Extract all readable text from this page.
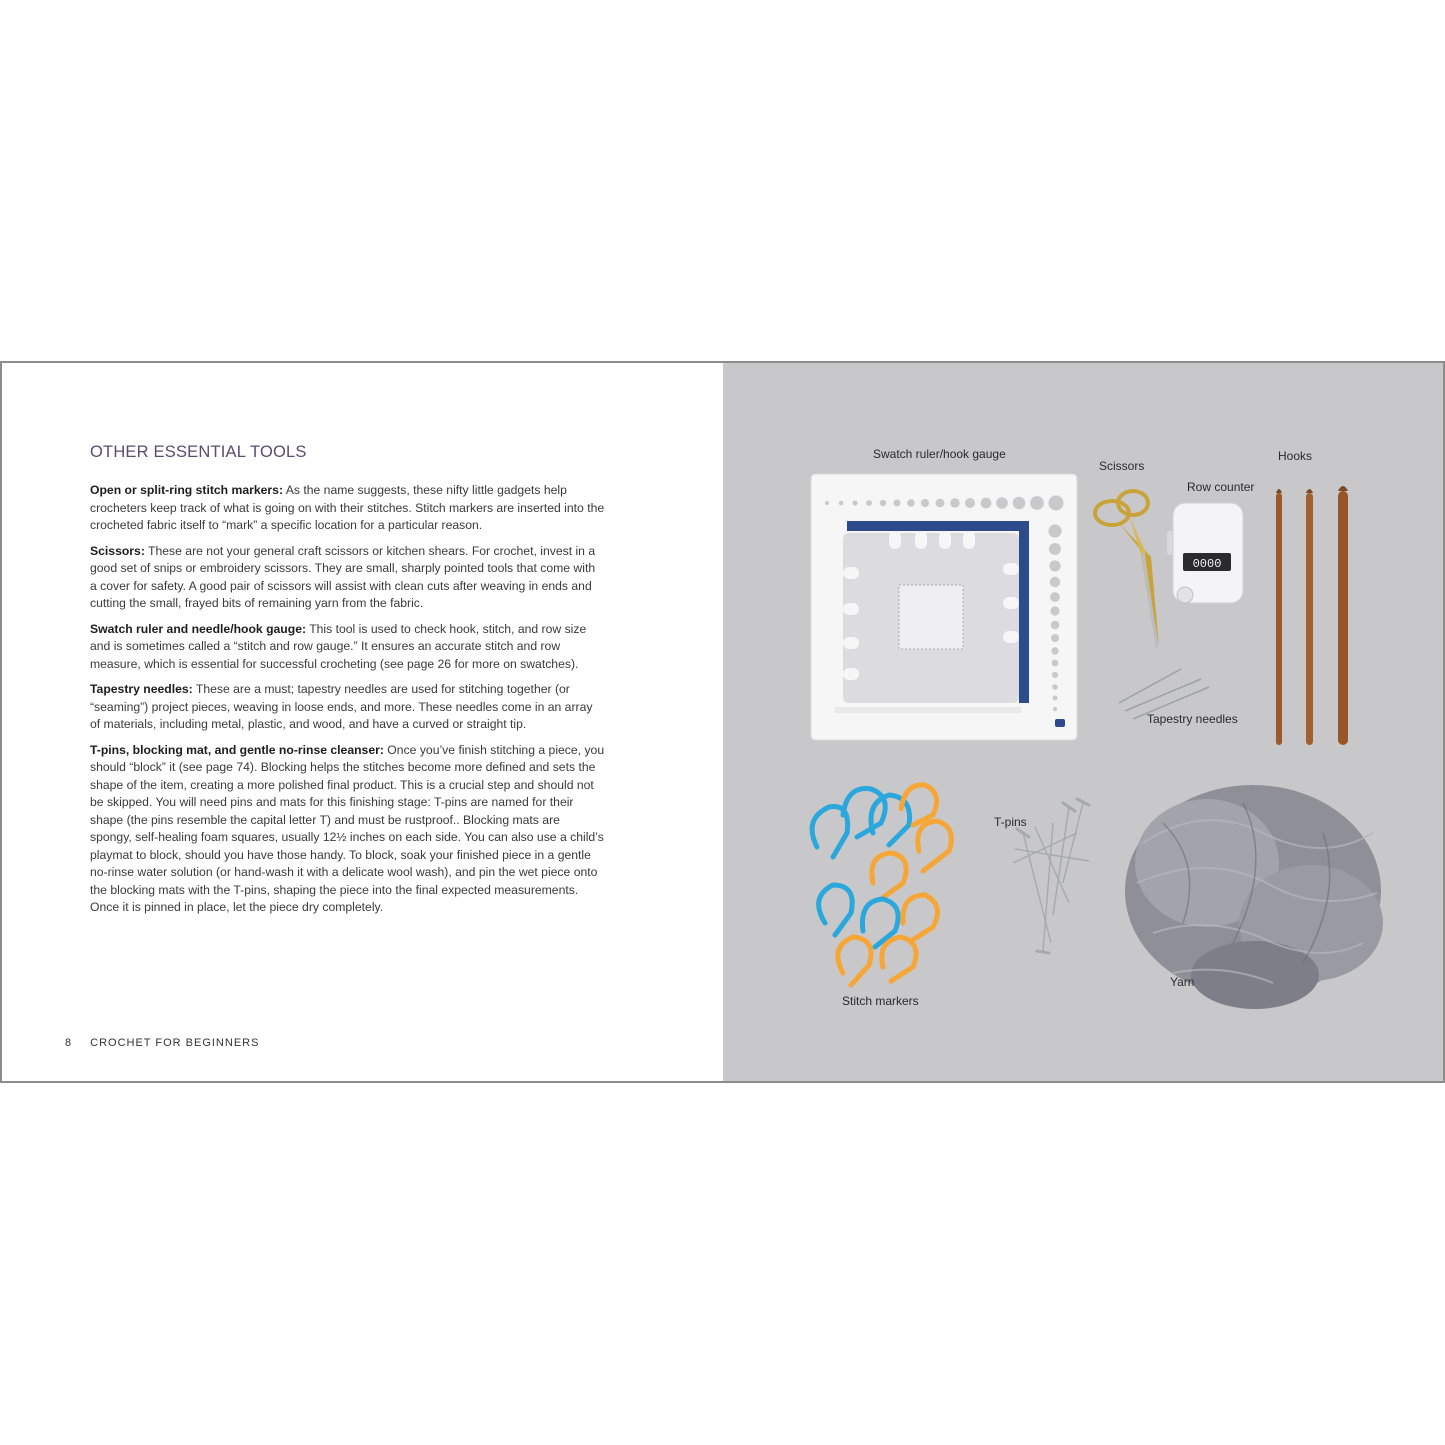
OTHER ESSENTIAL TOOLS

Open or split-ring stitch markers: As the name suggests, these nifty little gadgets help crocheters keep track of what is going on with their stitches. Stitch markers are inserted into the crocheted fabric itself to “mark” a specific location for a particular reason.

Scissors: These are not your general craft scissors or kitchen shears. For crochet, invest in a good set of snips or embroidery scissors. They are small, sharply pointed tools that come with a cover for safety. A good pair of scissors will assist with clean cuts after weaving in ends and cutting the small, frayed bits of remaining yarn from the fabric.

Swatch ruler and needle/hook gauge: This tool is used to check hook, stitch, and row size and is sometimes called a “stitch and row gauge.” It ensures an accurate stitch and row measure, which is essential for successful crocheting (see page 26 for more on swatches).

Tapestry needles: These are a must; tapestry needles are used for stitching together (or “seaming”) project pieces, weaving in loose ends, and more. These needles come in an array of materials, including metal, plastic, and wood, and have a curved or straight tip.

T-pins, blocking mat, and gentle no-rinse cleanser: Once you’ve finish stitching a piece, you should “block” it (see page 74). Blocking helps the stitches become more defined and sets the shape of the item, creating a more polished final product. This is a crucial step and should not be skipped. You will need pins and mats for this finishing stage: T-pins are named for their shape (the pins resemble the capital letter T) and must be rustproof.. Blocking mats are spongy, self-healing foam squares, usually 12½ inches on each side. You can also use a child’s playmat to block, should you have those handy. To block, soak your finished piece in a gentle no-rinse water solution (or hand-wash it with a delicate wool wash), and pin the wet piece onto the blocking mats with the T-pins, shaping the piece into the final expected measurements. Once it is pinned in place, let the piece dry completely.

8 CROCHET FOR BEGINNERS
0000
Swatch ruler/hook gauge
Scissors
Row counter
Hooks
Tapestry needles
T-pins
Stitch markers
Yarn
